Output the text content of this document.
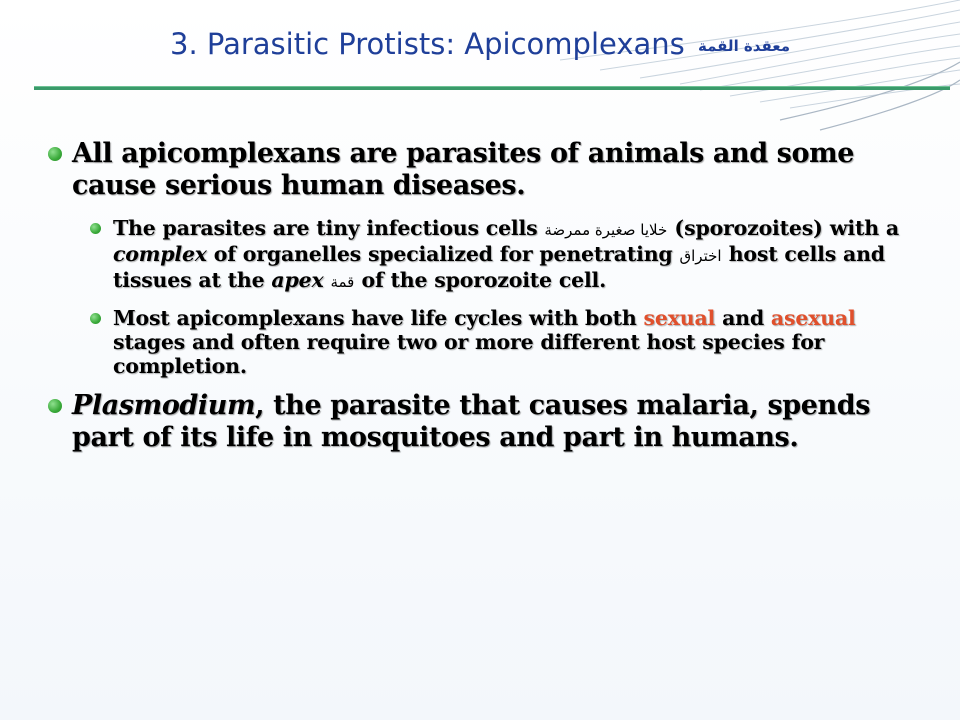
3. Parasitic Protists: Apicomplexans معقدة القمة
All apicomplexans are parasites of animals and some cause serious human diseases.
The parasites are tiny infectious cells خلايا صغيرة ممرضة (sporozoites) with a complex of organelles specialized for penetrating اختراق host cells and tissues at the apex قمة of the sporozoite cell.
Most apicomplexans have life cycles with both sexual and asexual stages and often require two or more different host species for completion.
Plasmodium, the parasite that causes malaria, spends part of its life in mosquitoes and part in humans.
